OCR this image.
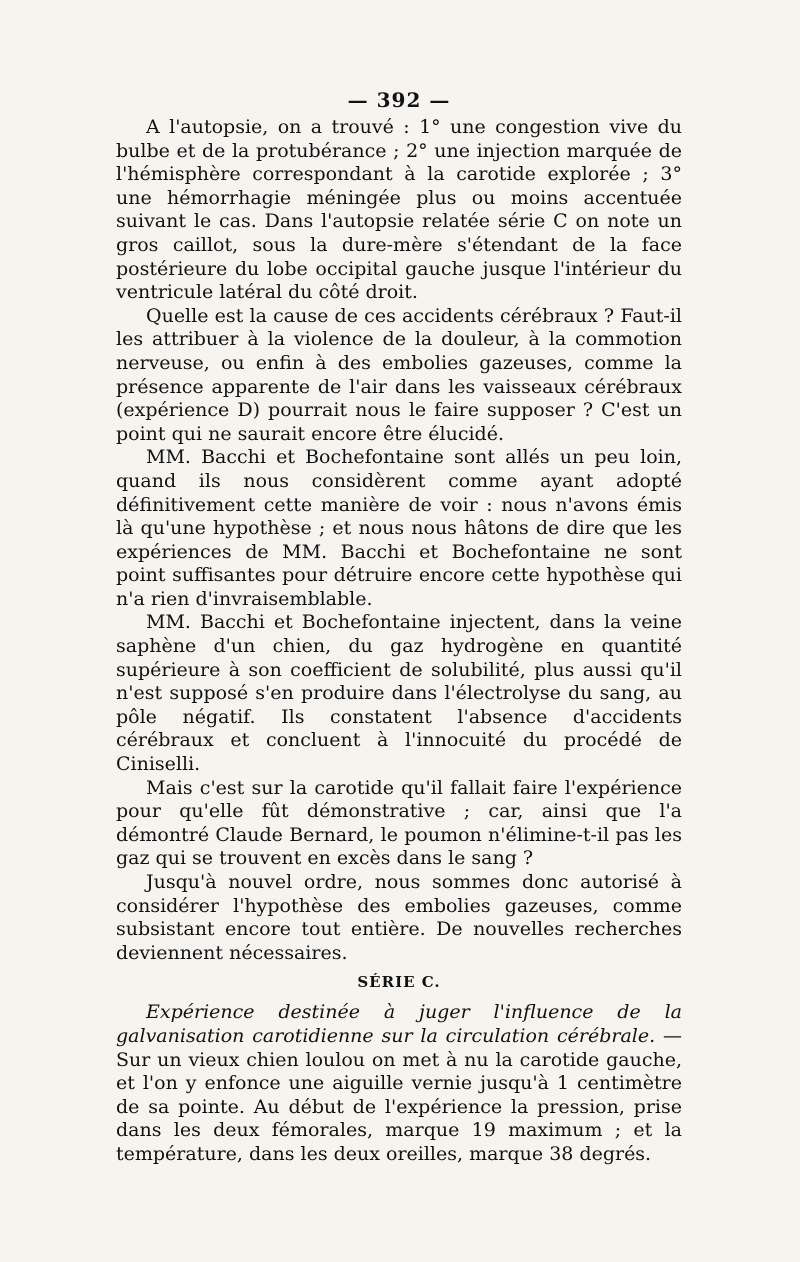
— 392 —

A l'autopsie, on a trouvé : 1° une congestion vive du bulbe et de la protubérance ; 2° une injection marquée de l'hémisphère correspondant à la carotide explorée ; 3° une hémorrhagie méningée plus ou moins accentuée suivant le cas. Dans l'autopsie relatée série C on note un gros caillot, sous la dure-mère s'étendant de la face postérieure du lobe occipital gauche jusque l'intérieur du ventricule latéral du côté droit.

Quelle est la cause de ces accidents cérébraux ? Faut-il les attribuer à la violence de la douleur, à la commotion nerveuse, ou enfin à des embolies gazeuses, comme la présence apparente de l'air dans les vaisseaux cérébraux (expérience D) pourrait nous le faire supposer ? C'est un point qui ne saurait encore être élucidé.

MM. Bacchi et Bochefontaine sont allés un peu loin, quand ils nous considèrent comme ayant adopté définitivement cette manière de voir : nous n'avons émis là qu'une hypothèse ; et nous nous hâtons de dire que les expériences de MM. Bacchi et Bochefontaine ne sont point suffisantes pour détruire encore cette hypothèse qui n'a rien d'invraisemblable.

MM. Bacchi et Bochefontaine injectent, dans la veine saphène d'un chien, du gaz hydrogène en quantité supérieure à son coefficient de solubilité, plus aussi qu'il n'est supposé s'en produire dans l'électrolyse du sang, au pôle négatif. Ils constatent l'absence d'accidents cérébraux et concluent à l'innocuité du procédé de Ciniselli.

Mais c'est sur la carotide qu'il fallait faire l'expérience pour qu'elle fût démonstrative ; car, ainsi que l'a démontré Claude Bernard, le poumon n'élimine-t-il pas les gaz qui se trouvent en excès dans le sang ?

Jusqu'à nouvel ordre, nous sommes donc autorisé à considérer l'hypothèse des embolies gazeuses, comme subsistant encore tout entière. De nouvelles recherches deviennent nécessaires.

SÉRIE C.

Expérience destinée à juger l'influence de la galvanisation carotidienne sur la circulation cérébrale. — Sur un vieux chien loulou on met à nu la carotide gauche, et l'on y enfonce une aiguille vernie jusqu'à 1 centimètre de sa pointe. Au début de l'expérience la pression, prise dans les deux fémorales, marque 19 maximum ; et la température, dans les deux oreilles, marque 38 degrés.
